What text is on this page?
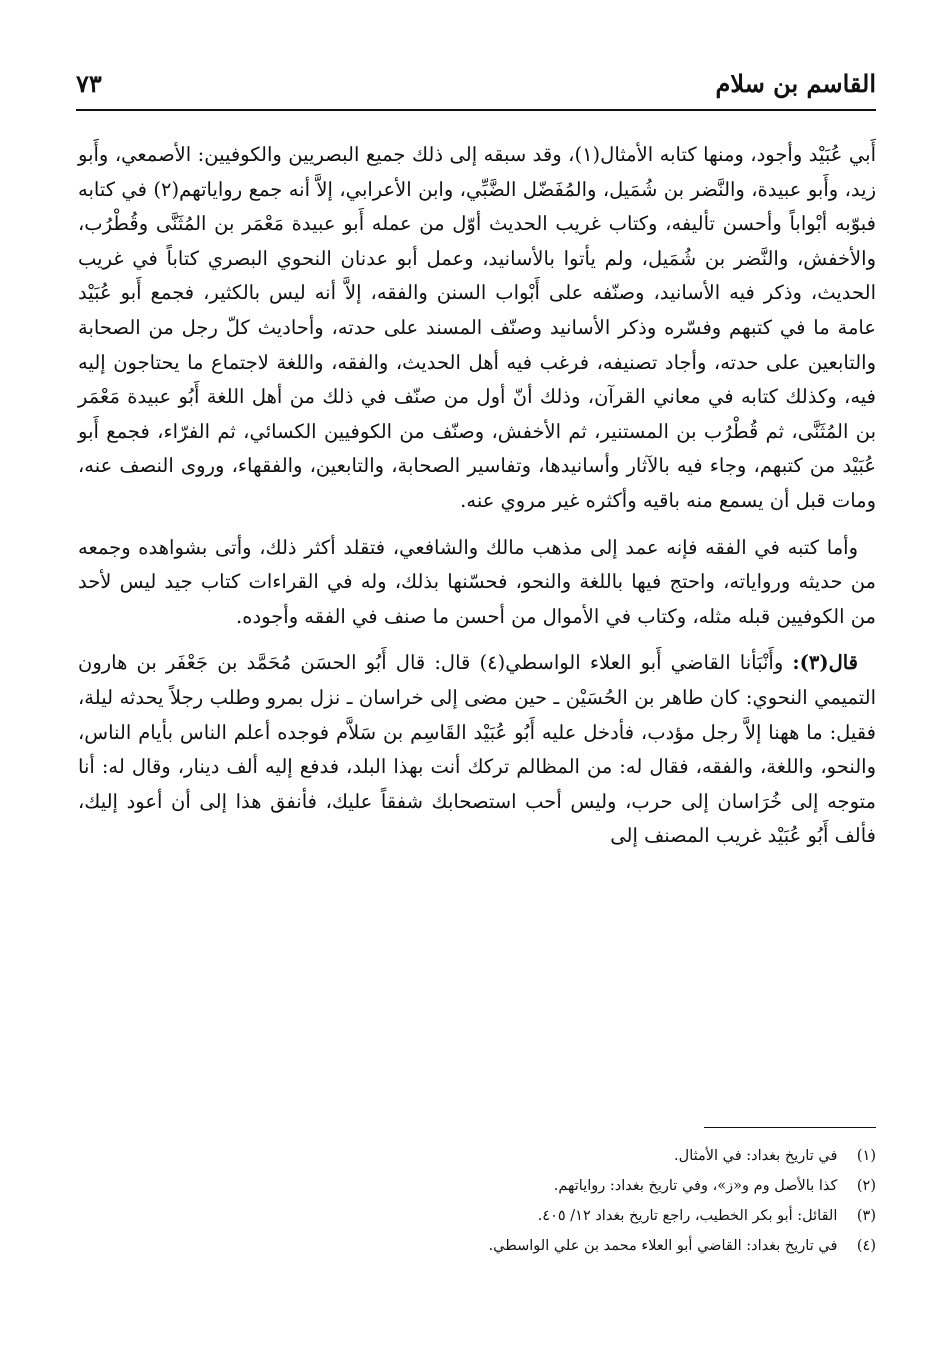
القاسم بن سلام
٧٣

أَبي عُبَيْد وأجود، ومنها كتابه الأمثال(١)، وقد سبقه إلى ذلك جميع البصريين والكوفيين: الأصمعي، وأَبو زيد، وأَبو عبيدة، والنَّضر بن شُمَيل، والمُفَضّل الضَّبِّي، وابن الأعرابي، إلاَّ أنه جمع رواياتهم(٢) في كتابه فبوّبه أبْواباً وأحسن تأليفه، وكتاب غريب الحديث أوّل من عمله أَبو عبيدة مَعْمَر بن المُثَنَّى وقُطْرُب، والأخفش، والنَّضر بن شُمَيل، ولم يأتوا بالأسانيد، وعمل أبو عدنان النحوي البصري كتاباً في غريب الحديث، وذكر فيه الأسانيد، وصنّفه على أَبْواب السنن والفقه، إلاَّ أنه ليس بالكثير، فجمع أَبو عُبَيْد عامة ما في كتبهم وفسّره وذكر الأسانيد وصنّف المسند على حدته، وأحاديث كلّ رجل من الصحابة والتابعين على حدته، وأجاد تصنيفه، فرغب فيه أهل الحديث، والفقه، واللغة لاجتماع ما يحتاجون إليه فيه، وكذلك كتابه في معاني القرآن، وذلك أنّ أول من صنّف في ذلك من أهل اللغة أَبُو عبيدة مَعْمَر بن المُثَنَّى، ثم قُطْرُب بن المستنير، ثم الأخفش، وصنّف من الكوفيين الكسائي، ثم الفرّاء، فجمع أَبو عُبَيْد من كتبهم، وجاء فيه بالآثار وأسانيدها، وتفاسير الصحابة، والتابعين، والفقهاء، وروى النصف عنه، ومات قبل أن يسمع منه باقيه وأكثره غير مروي عنه.

وأما كتبه في الفقه فإنه عمد إلى مذهب مالك والشافعي، فتقلد أكثر ذلك، وأتى بشواهده وجمعه من حديثه ورواياته، واحتج فيها باللغة والنحو، فحسّنها بذلك، وله في القراءات كتاب جيد ليس لأحد من الكوفيين قبله مثله، وكتاب في الأموال من أحسن ما صنف في الفقه وأجوده.

قال(٣): وأَنْبَأنا القاضي أَبو العلاء الواسطي(٤) قال: قال أَبُو الحسَن مُحَمَّد بن جَعْفَر بن هارون التميمي النحوي: كان طاهر بن الحُسَيْن ـ حين مضى إلى خراسان ـ نزل بمرو وطلب رجلاً يحدثه ليلة، فقيل: ما ههنا إلاَّ رجل مؤدب، فأدخل عليه أَبُو عُبَيْد القَاسِم بن سَلاَّم فوجده أعلم الناس بأيام الناس، والنحو، واللغة، والفقه، فقال له: من المظالم تركك أنت بهذا البلد، فدفع إليه ألف دينار، وقال له: أنا متوجه إلى خُرَاسان إلى حرب، وليس أحب استصحابك شفقاً عليك، فأنفق هذا إلى أن أعود إليك، فألف أَبُو عُبَيْد غريب المصنف إلى

(١) في تاريخ بغداد: في الأمثال.

(٢) كذا بالأصل وم و«ز»، وفي تاريخ بغداد: رواياتهم.

(٣) القائل: أبو بكر الخطيب، راجع تاريخ بغداد ١٢/ ٤٠٥.

(٤) في تاريخ بغداد: القاضي أبو العلاء محمد بن علي الواسطي.
